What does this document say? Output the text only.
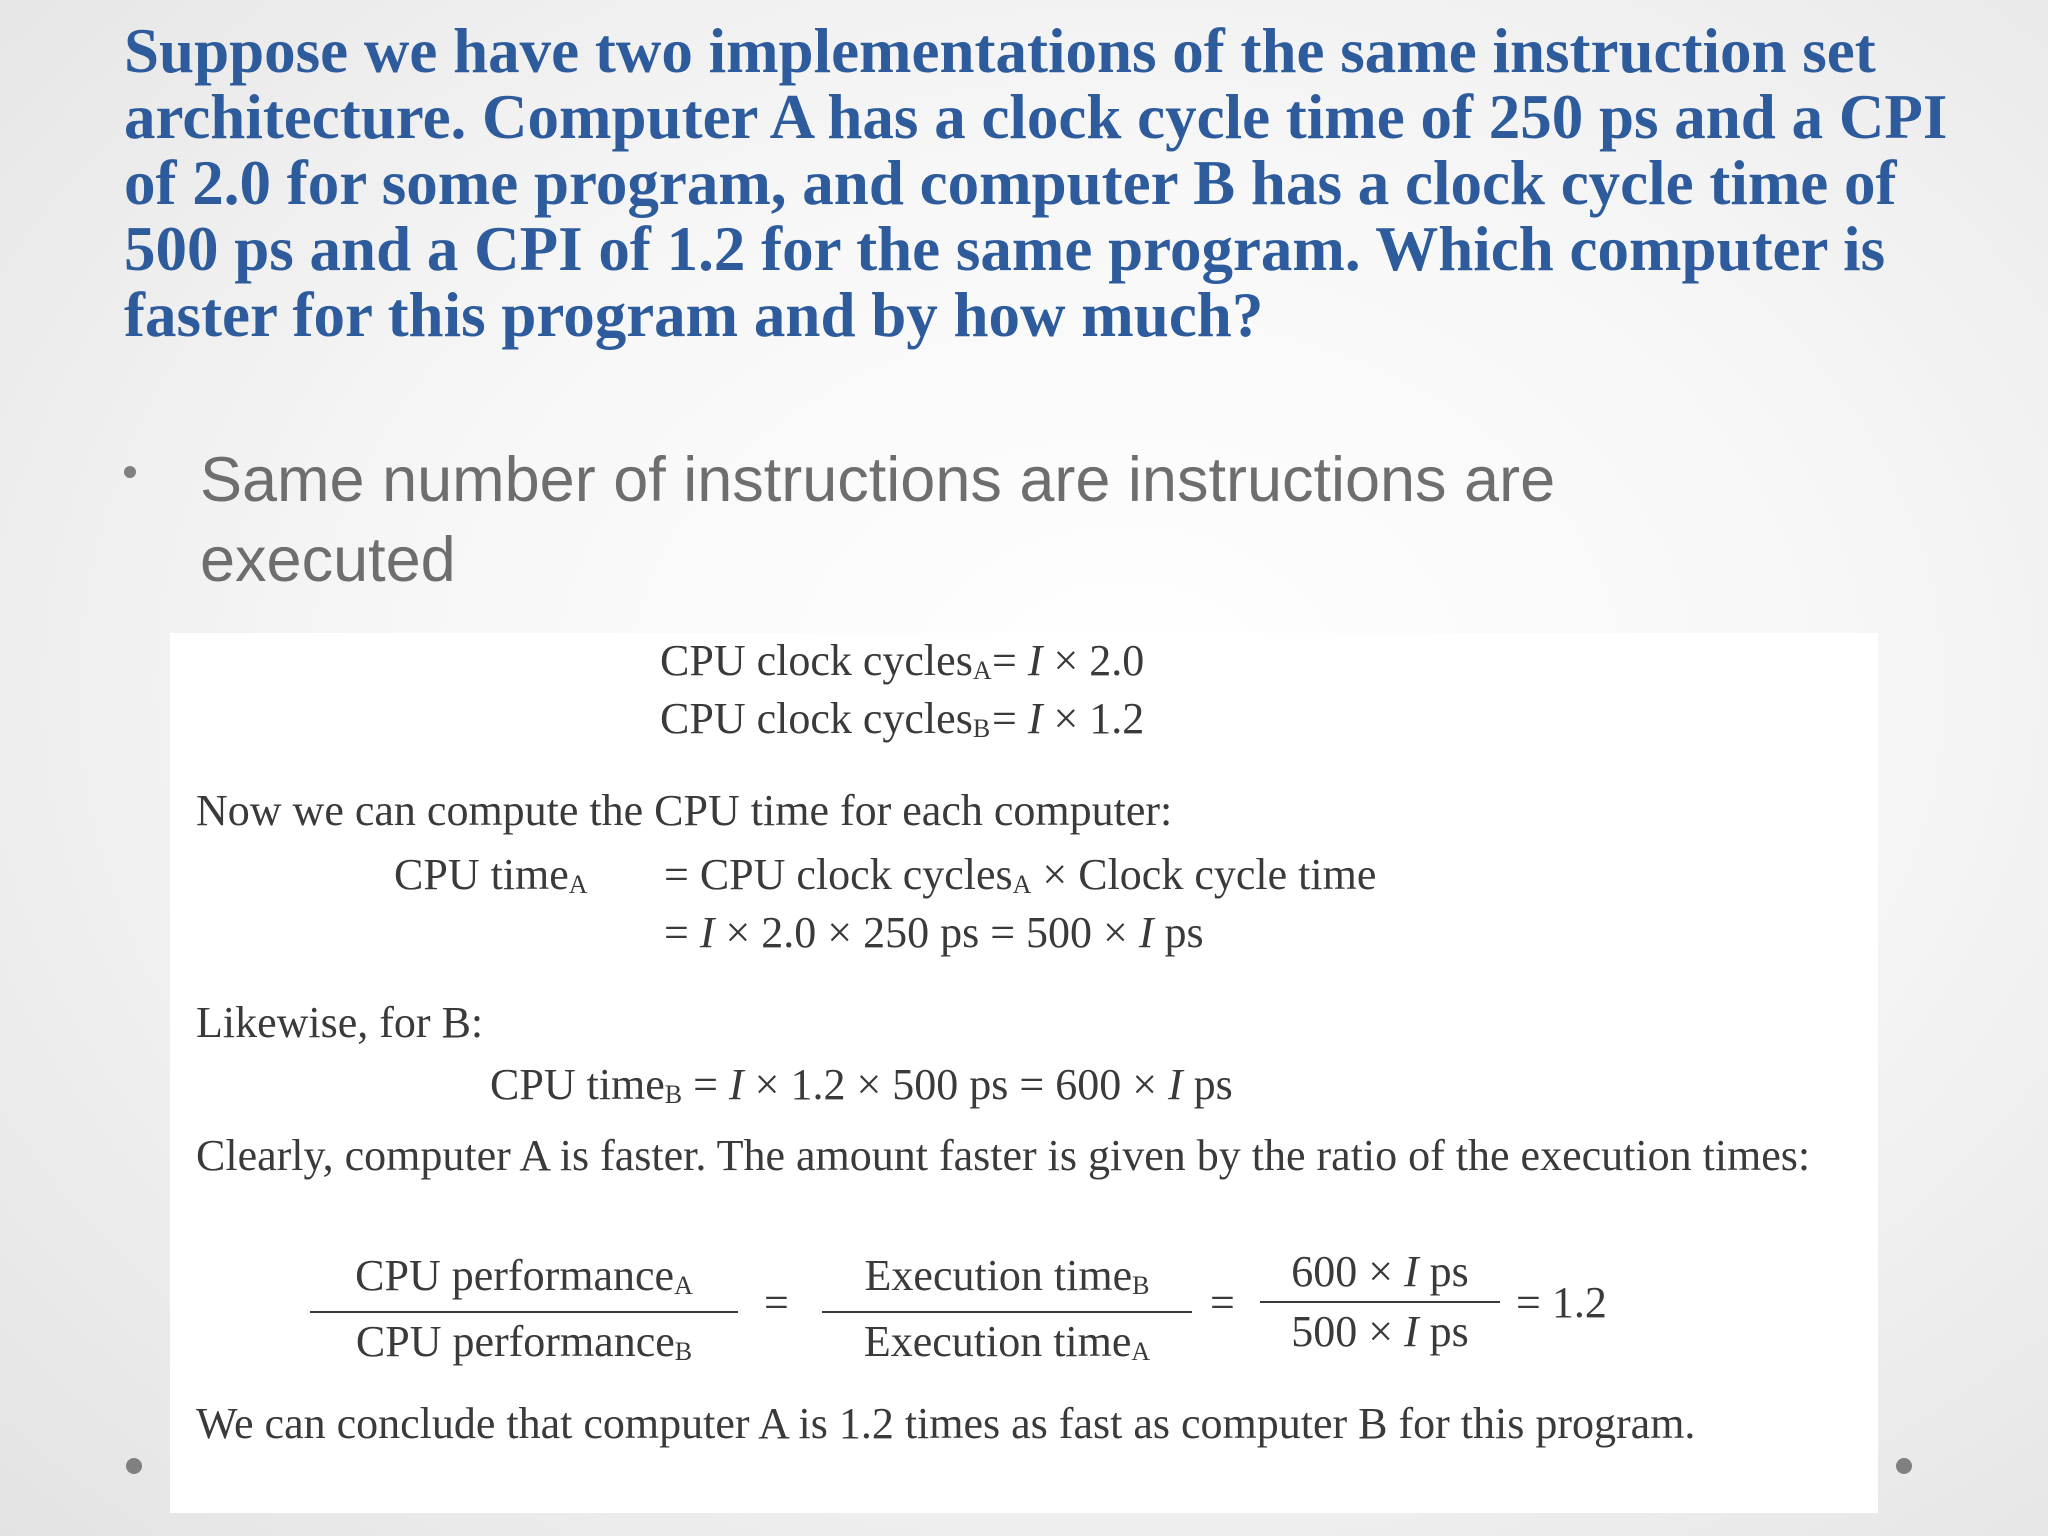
Suppose we have two implementations of the same instruction set architecture. Computer A has a clock cycle time of 250 ps and a CPI of 2.0 for some program, and computer B has a clock cycle time of 500 ps and a CPI of 1.2 for the same program. Which computer is faster for this program and by how much?

Same number of instructions are instructions are executed
CPU clock cycles$_A$ = I × 2.0
CPU clock cycles$_B$ = I × 1.2
Now we can compute the CPU time for each computer:
CPU time$_A$ = CPU clock cycles$_A$ × Clock cycle time
= I × 2.0 × 250 ps = 500 × I ps
Likewise, for B:
CPU time$_B$ = I × 1.2 × 500 ps = 600 × I ps
Clearly, computer A is faster. The amount faster is given by the ratio of the execution times:
CPU performance$_A$
CPU performance$_B$
=
Execution time$_B$
Execution time$_A$
=
600 × I ps
500 × I ps
= 1.2
We can conclude that computer A is 1.2 times as fast as computer B for this program.
